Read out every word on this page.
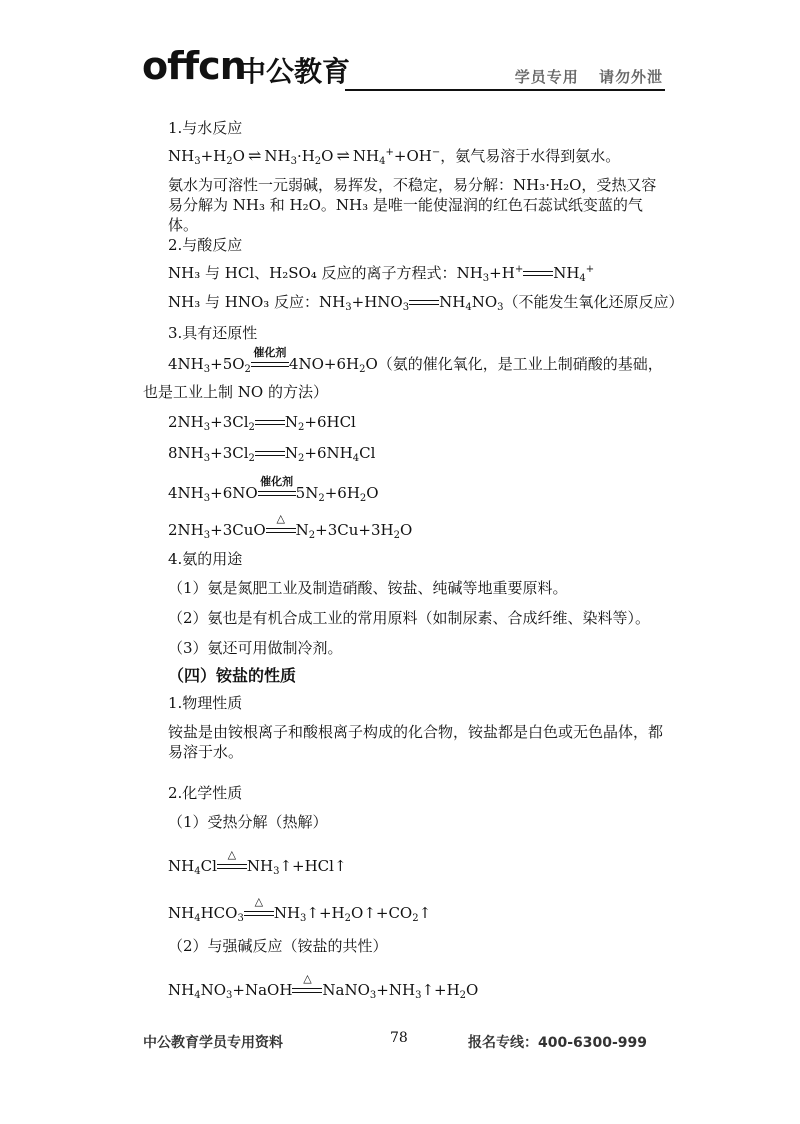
offcn
中公教育	学员专用 请勿外泄
1.与水反应
$NH_3+H_2O$ ⇌ $NH_3\cdot H_2O$ ⇌ $NH_4^++OH^-$，氨气易溶于水得到氨水。
氨水为可溶性一元弱碱，易挥发，不稳定，易分解：NH₃·H₂O，受热又容易分解为 NH₃ 和 H₂O。NH₃ 是唯一能使湿润的红色石蕊试纸变蓝的气体。
2.与酸反应
NH₃ 与 HCl、H₂SO₄ 反应的离子方程式：$NH_3+H^+$ $NH_4^+$
NH₃ 与 HNO₃ 反应：$NH_3+HNO_3$ $NH_4NO_3$（不能发生氧化还原反应）
3.具有还原性
$4NH_3+5O_2$
催化剂
$4NO+6H_2O$（氨的催化氧化，是工业上制硝酸的基础，
也是工业上制 NO 的方法）
$2NH_3+3Cl_2$ $N_2+6HCl$
$8NH_3+3Cl_2$ $N_2+6NH_4Cl$
$4NH_3+6NO$
催化剂
$5N_2+6H_2O$
$2NH_3+3CuO$
△
$N_2+3Cu+3H_2O$
4.氨的用途
（1）氨是氮肥工业及制造硝酸、铵盐、纯碱等地重要原料。
（2）氨也是有机合成工业的常用原料（如制尿素、合成纤维、染料等）。
（3）氨还可用做制冷剂。
（四）铵盐的性质
1.物理性质
铵盐是由铵根离子和酸根离子构成的化合物，铵盐都是白色或无色晶体，都易溶于水。
2.化学性质
（1）受热分解（热解）
$NH_4Cl$
△
$NH_3↑+HCl↑$
$NH_4HCO_3$
△
$NH_3↑+H_2O↑+CO_2↑$
（2）与强碱反应（铵盐的共性）
$NH_4NO_3+NaOH$
△
$NaNO_3+NH_3↑+H_2O$
中公教育学员专用资料	78	报名专线：400-6300-999
